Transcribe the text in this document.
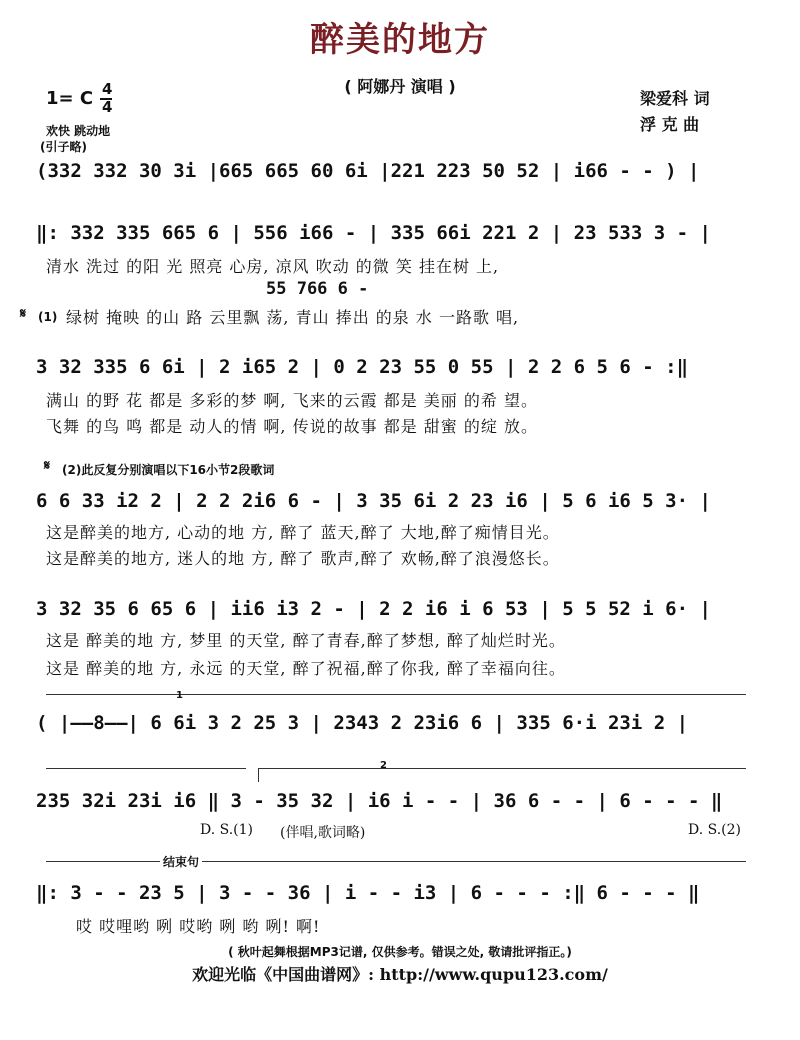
醉美的地方
( 阿娜丹 演唱 )
1= C 4
4
欢快 跳动地
(引子略)
梁爱科 词
浮 克 曲
(332 332 30 3i |665 665 60 6i |221 223 50 52 | i66 - - ) |
‖: 332 335 665 6 | 556 i66 - | 335 66i 221 2 | 23 533 3 - |
清水 洗过 的阳 光 照亮 心房, 凉风 吹动 的微 笑 挂在树 上,
55 766 6 -
𝄋 (1) 绿树 掩映 的山 路 云里飘 荡, 青山 捧出 的泉 水 一路歌 唱,
3 32 335 6 6i | 2 i65 2 | 0 2 23 55 0 55 | 2 2 6 5 6 - :‖
满山 的野 花 都是 多彩的梦 啊, 飞来的云霞 都是 美丽 的希 望。
飞舞 的鸟 鸣 都是 动人的情 啊, 传说的故事 都是 甜蜜 的绽 放。
𝄋 (2)此反复分别演唱以下16小节2段歌词
6 6 33 i2 2 | 2 2 2i6 6 - | 3 35 6i 2 23 i6 | 5 6 i6 5 3· |
这是醉美的地方, 心动的地 方, 醉了 蓝天,醉了 大地,醉了痴情目光。
这是醉美的地方, 迷人的地 方, 醉了 歌声,醉了 欢畅,醉了浪漫悠长。
3 32 35 6 65 6 | ii6 i3 2 - | 2 2 i6 i 6 53 | 5 5 52 i 6· |
这是 醉美的地 方, 梦里 的天堂, 醉了青春,醉了梦想, 醉了灿烂时光。
这是 醉美的地 方, 永远 的天堂, 醉了祝福,醉了你我, 醉了幸福向往。
1
( |——8——| 6 6i 3 2 25 3 | 2343 2 23i6 6 | 335 6·i 23i 2 |
2
235 32i 23i i6 ‖ 3 - 35 32 | i6 i - - | 36 6 - - | 6 - - - ‖
D. S.(1) (伴唱,歌词略)	D. S.(2)
结束句
‖: 3 - - 23 5 | 3 - - 36 | i - - i3 | 6 - - - :‖ 6 - - - ‖
哎 哎哩哟 咧 哎哟 咧 哟 咧! 啊!
( 秋叶起舞根据MP3记谱, 仅供参考。错误之处, 敬请批评指正。)
欢迎光临《中国曲谱网》: http://www.qupu123.com/
